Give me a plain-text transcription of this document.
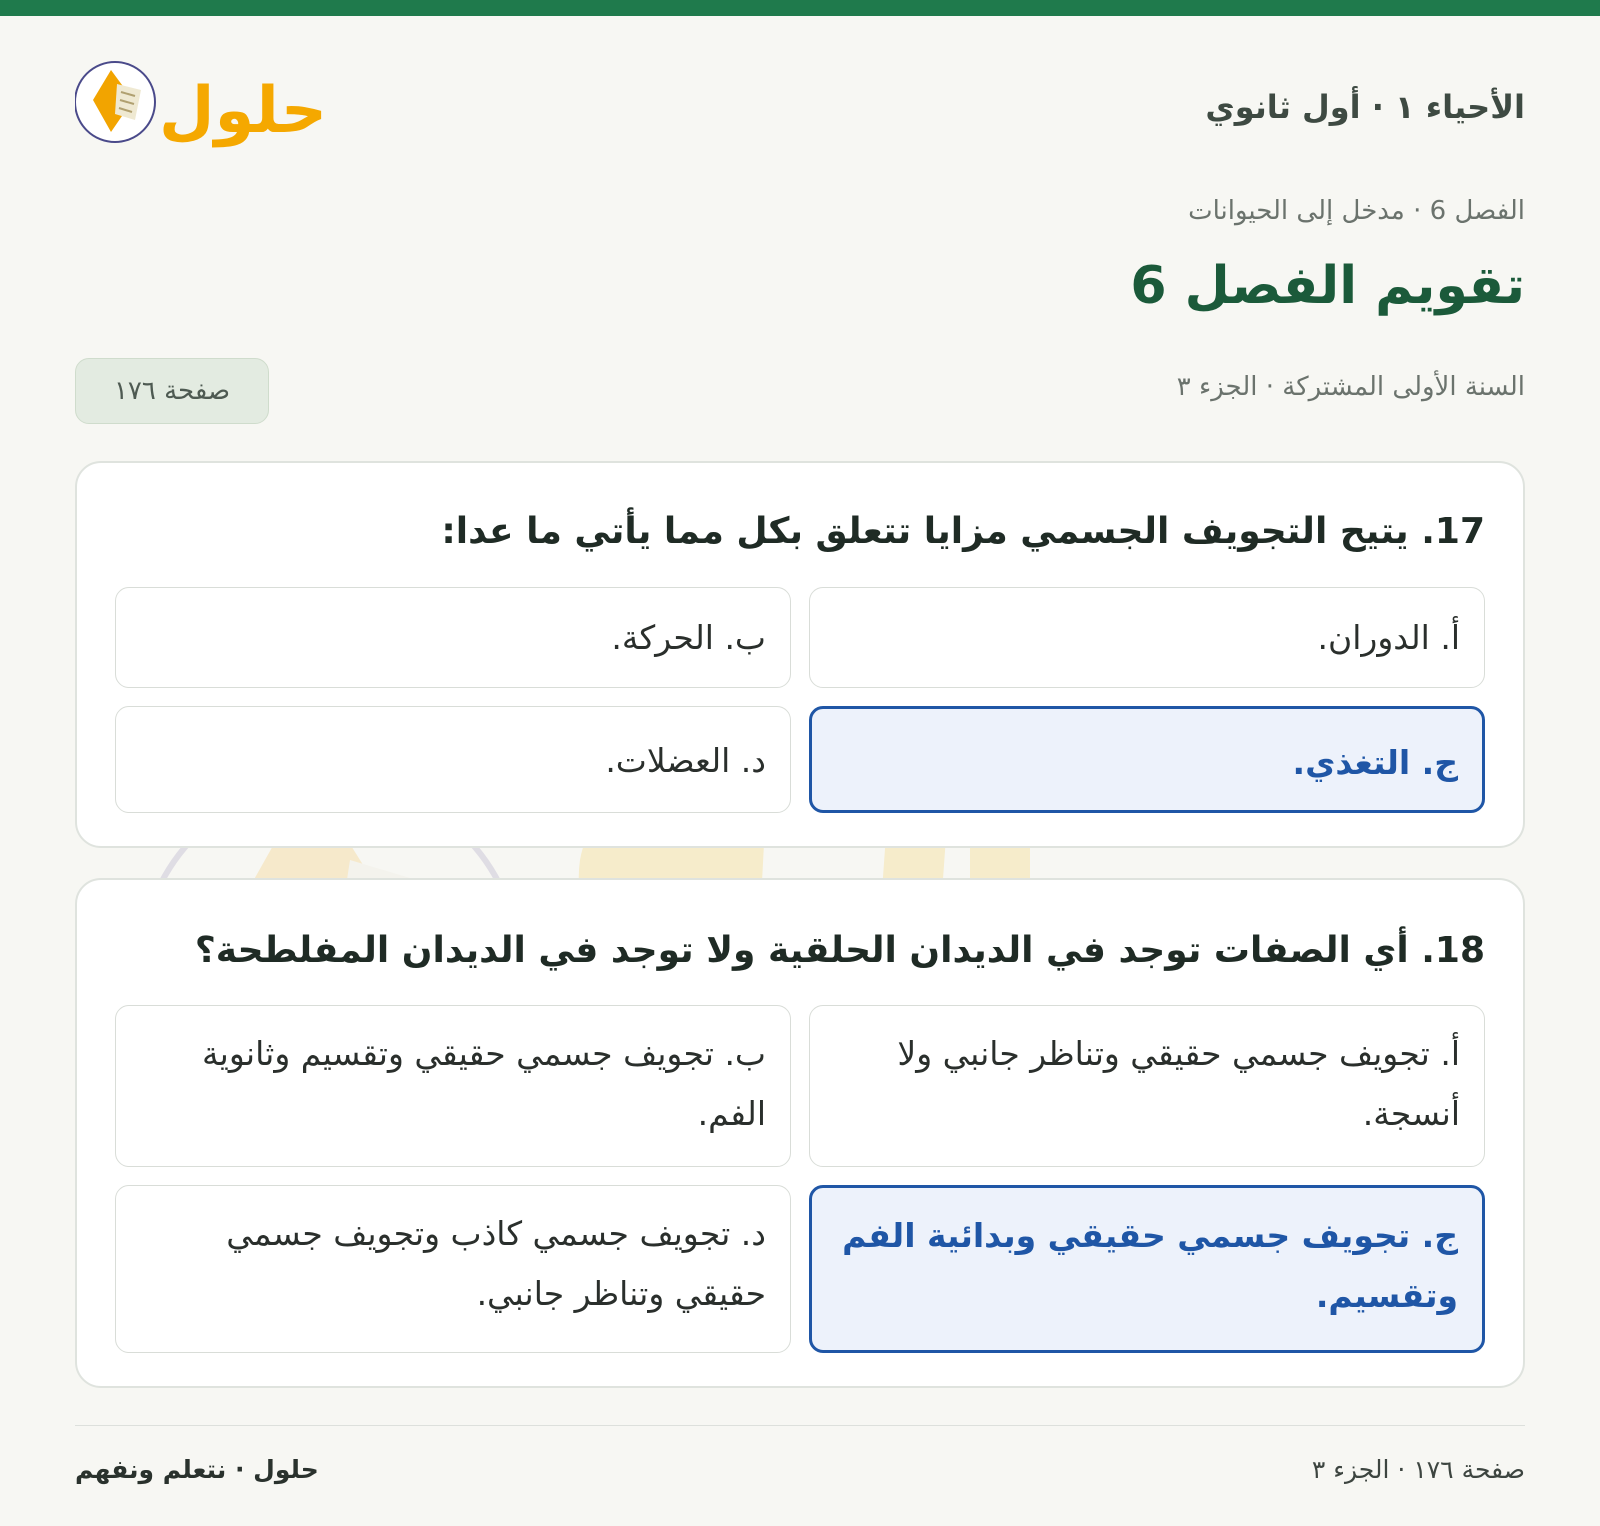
الأحياء ١ · أول ثانوي
حلول
الفصل 6 · مدخل إلى الحيوانات
تقويم الفصل 6
السنة الأولى المشتركة · الجزء ٣
صفحة ١٧٦
17. يتيح التجويف الجسمي مزايا تتعلق بكل مما يأتي ما عدا:
أ. الدوران.
ب. الحركة.
ج. التغذي.
د. العضلات.
18. أي الصفات توجد في الديدان الحلقية ولا توجد في الديدان المفلطحة؟
أ. تجويف جسمي حقيقي وتناظر جانبي ولا أنسجة.
ب. تجويف جسمي حقيقي وتقسيم وثانوية الفم.
ج. تجويف جسمي حقيقي وبدائية الفم وتقسيم.
د. تجويف جسمي كاذب وتجويف جسمي حقيقي وتناظر جانبي.
صفحة ١٧٦ · الجزء ٣
حلول · نتعلم ونفهم
